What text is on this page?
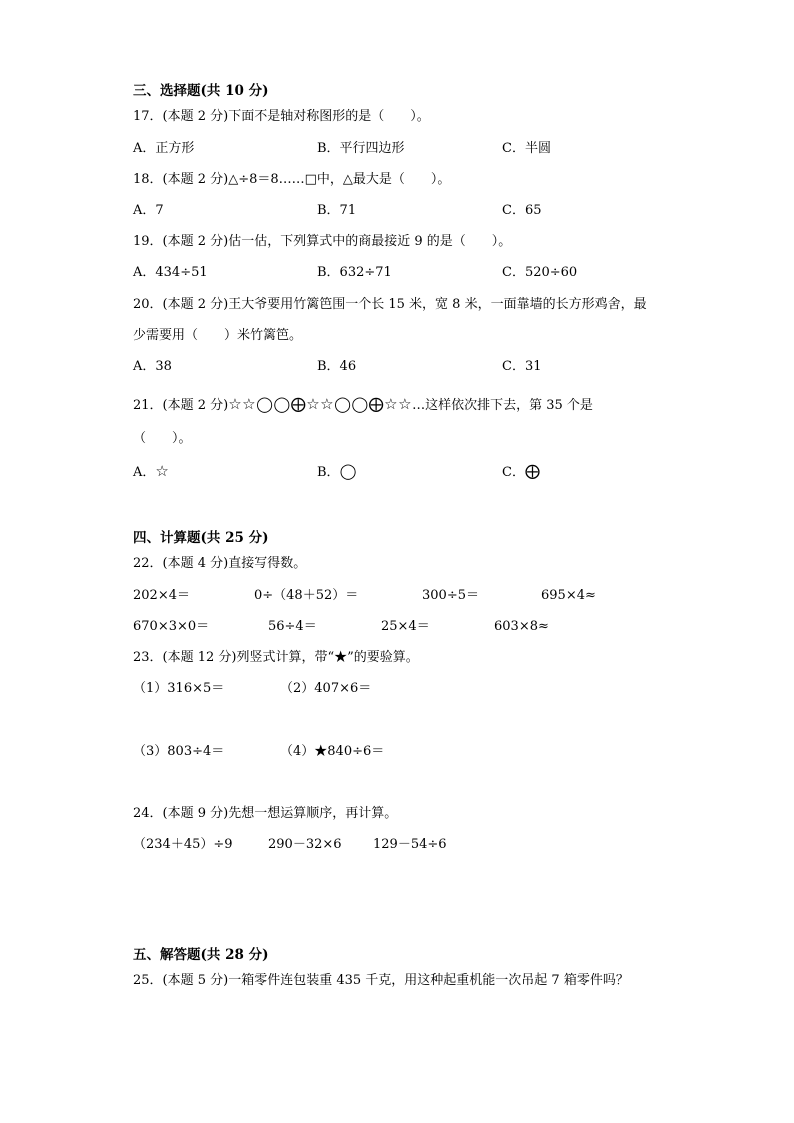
三、选择题(共 10 分)
17．(本题 2 分)下面不是轴对称图形的是（　　）。
A．正方形	B．平行四边形	C．半圆
18．(本题 2 分)△÷8＝8……□中，△最大是（　　）。
A．7	B．71	C．65
19．(本题 2 分)估一估，下列算式中的商最接近 9 的是（　　）。
A．434÷51	B．632÷71	C．520÷60
20．(本题 2 分)王大爷要用竹篱笆围一个长 15 米，宽 8 米，一面靠墙的长方形鸡舍，最
少需要用（　　）米竹篱笆。
A．38	B．46	C．31
21．(本题 2 分)☆☆◯◯⨁☆☆◯◯⨁☆☆…这样依次排下去，第 35 个是
（　　）。
A．☆	B．◯	C．⨁
四、计算题(共 25 分)
22．(本题 4 分)直接写得数。
202×4＝	0÷（48＋52）＝	300÷5＝	695×4≈
670×3×0＝	56÷4＝	25×4＝	603×8≈
23．(本题 12 分)列竖式计算，带“★”的要验算。
（1）316×5＝	（2）407×6＝
（3）803÷4＝	（4）★840÷6＝
24．(本题 9 分)先想一想运算顺序，再计算。
（234＋45）÷9	290－32×6 129－54÷6
五、解答题(共 28 分)
25．(本题 5 分)一箱零件连包装重 435 千克，用这种起重机能一次吊起 7 箱零件吗？
